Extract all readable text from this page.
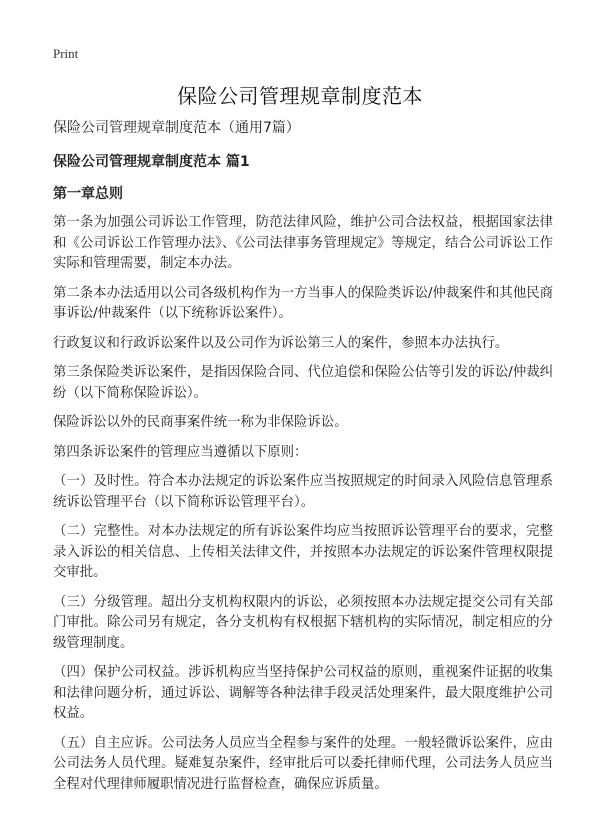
Print
保险公司管理规章制度范本

保险公司管理规章制度范本（通用7篇）

保险公司管理规章制度范本 篇1

第一章总则

第一条为加强公司诉讼工作管理，防范法律风险，维护公司合法权益，根据国家法律和《公司诉讼工作管理办法》、《公司法律事务管理规定》等规定，结合公司诉讼工作实际和管理需要，制定本办法。

第二条本办法适用以公司各级机构作为一方当事人的保险类诉讼/仲裁案件和其他民商事诉讼/仲裁案件（以下统称诉讼案件）。

行政复议和行政诉讼案件以及公司作为诉讼第三人的案件，参照本办法执行。

第三条保险类诉讼案件，是指因保险合同、代位追偿和保险公估等引发的诉讼/仲裁纠纷（以下简称保险诉讼）。

保险诉讼以外的民商事案件统一称为非保险诉讼。

第四条诉讼案件的管理应当遵循以下原则：

（一）及时性。符合本办法规定的诉讼案件应当按照规定的时间录入风险信息管理系统诉讼管理平台（以下简称诉讼管理平台）。

（二）完整性。对本办法规定的所有诉讼案件均应当按照诉讼管理平台的要求，完整录入诉讼的相关信息、上传相关法律文件，并按照本办法规定的诉讼案件管理权限提交审批。

（三）分级管理。超出分支机构权限内的诉讼，必须按照本办法规定提交公司有关部门审批。除公司另有规定，各分支机构有权根据下辖机构的实际情况，制定相应的分级管理制度。

（四）保护公司权益。涉诉机构应当坚持保护公司权益的原则，重视案件证据的收集和法律问题分析，通过诉讼、调解等各种法律手段灵活处理案件，最大限度维护公司权益。

（五）自主应诉。公司法务人员应当全程参与案件的处理。一般轻微诉讼案件，应由公司法务人员代理。疑难复杂案件，经审批后可以委托律师代理，公司法务人员应当全程对代理律师履职情况进行监督检查，确保应诉质量。
